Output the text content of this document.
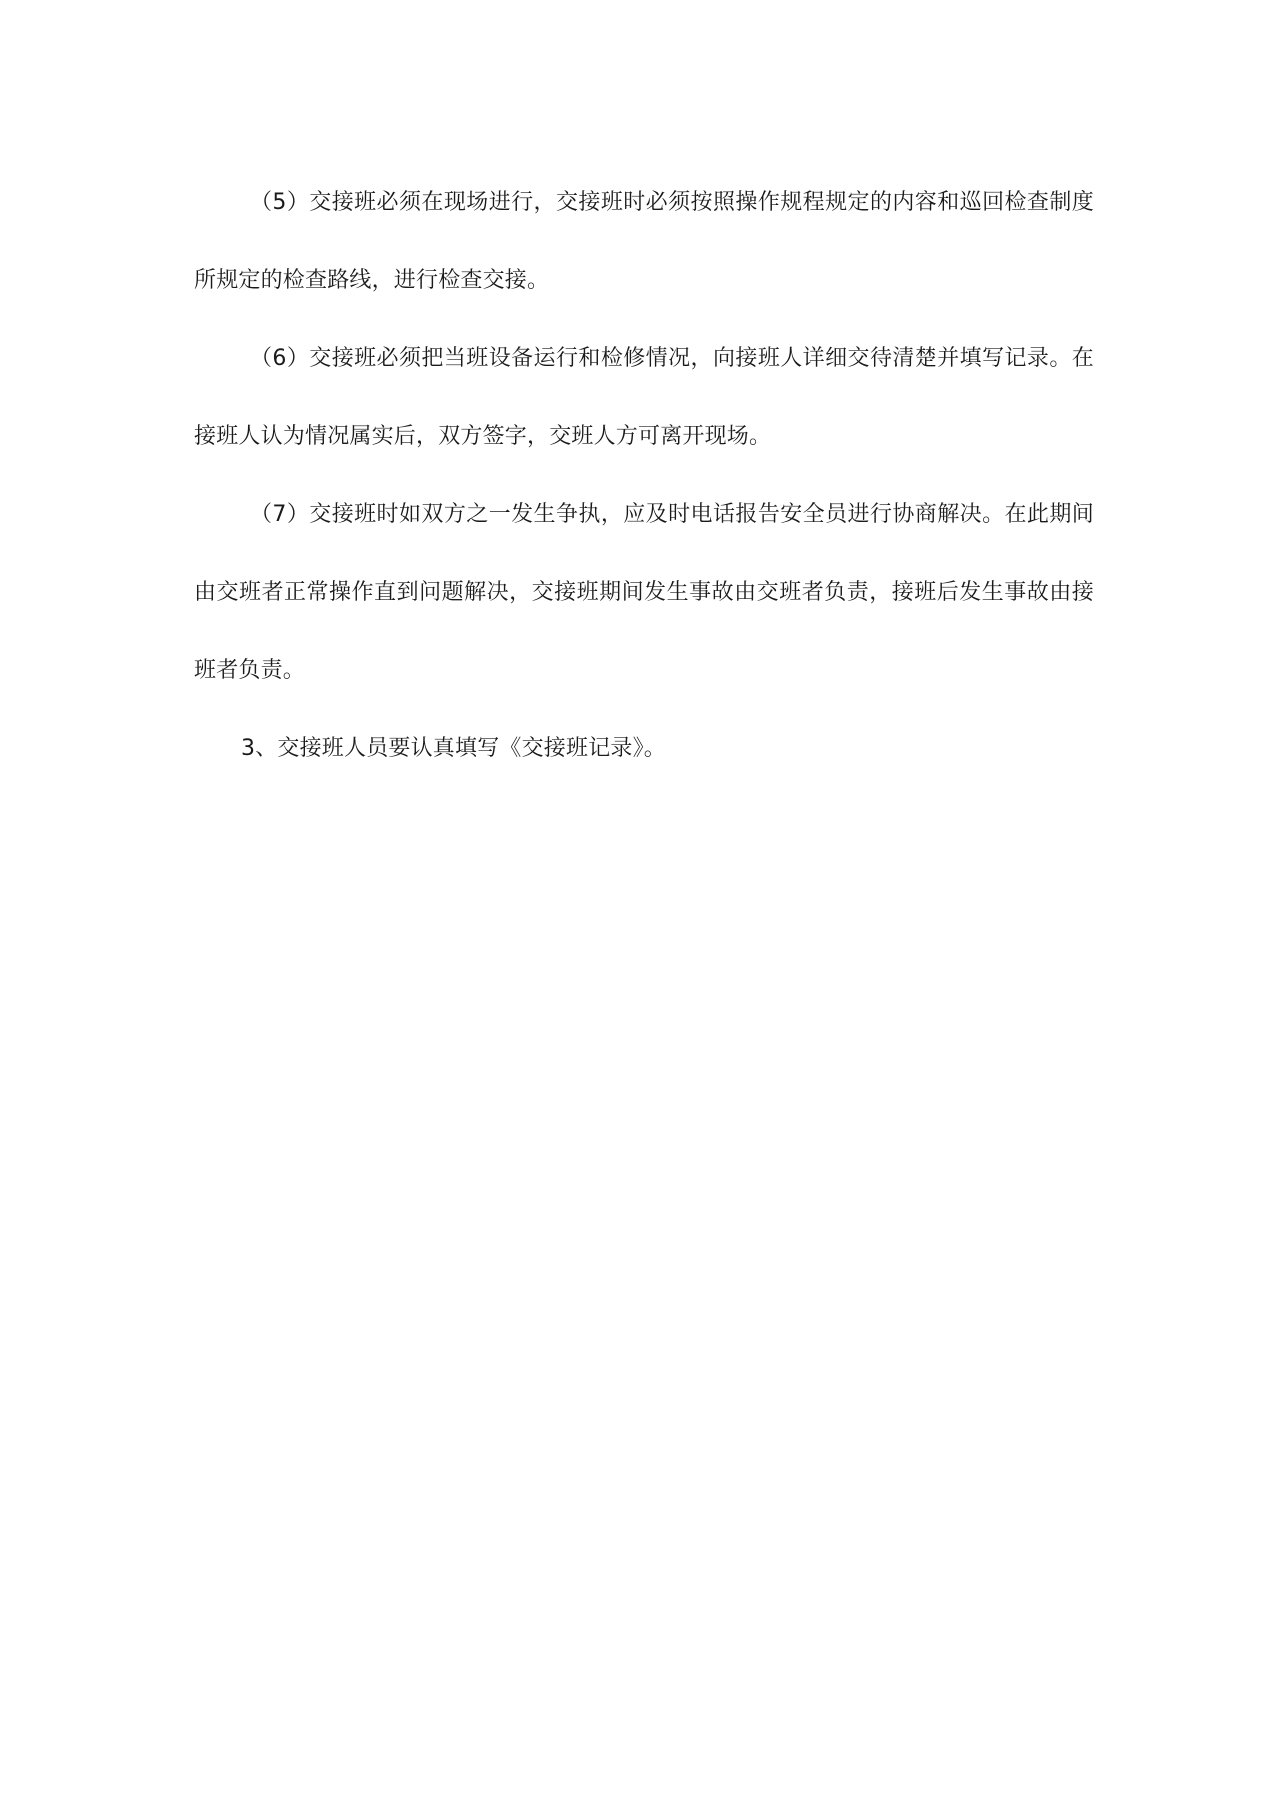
（5）交接班必须在现场进行，交接班时必须按照操作规程规定的内容和巡回检查制度所规定的检查路线，进行检查交接。

（6）交接班必须把当班设备运行和检修情况，向接班人详细交待清楚并填写记录。在接班人认为情况属实后，双方签字，交班人方可离开现场。

（7）交接班时如双方之一发生争执，应及时电话报告安全员进行协商解决。在此期间由交班者正常操作直到问题解决，交接班期间发生事故由交班者负责，接班后发生事故由接班者负责。

3、交接班人员要认真填写《交接班记录》。
